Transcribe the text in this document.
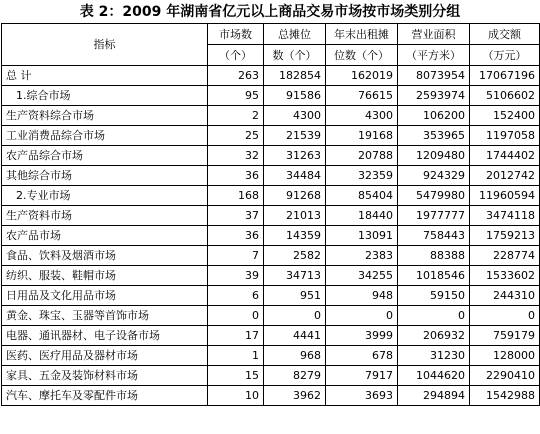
表 2：2009 年湖南省亿元以上商品交易市场按市场类别分组
指标	市场数	总摊位	年末出租摊	营业面积	成交额
	（个）	数（个）	位数（个）	（平方米）	（万元）
总 计	263	182854	162019	8073954	17067196
1.综合市场	95	91586	76615	2593974	5106602
生产资料综合市场	2	4300	4300	106200	152400
工业消费品综合市场	25	21539	19168	353965	1197058
农产品综合市场	32	31263	20788	1209480	1744402
其他综合市场	36	34484	32359	924329	2012742
2.专业市场	168	91268	85404	5479980	11960594
生产资料市场	37	21013	18440	1977777	3474118
农产品市场	36	14359	13091	758443	1759213
食品、饮料及烟酒市场	7	2582	2383	88388	228774
纺织、服装、鞋帽市场	39	34713	34255	1018546	1533602
日用品及文化用品市场	6	951	948	59150	244310
黄金、珠宝、玉器等首饰市场	0	0	0	0	0
电器、通讯器材、电子设备市场	17	4441	3999	206932	759179
医药、医疗用品及器材市场	1	968	678	31230	128000
家具、五金及装饰材料市场	15	8279	7917	1044620	2290410
汽车、摩托车及零配件市场	10	3962	3693	294894	1542988
